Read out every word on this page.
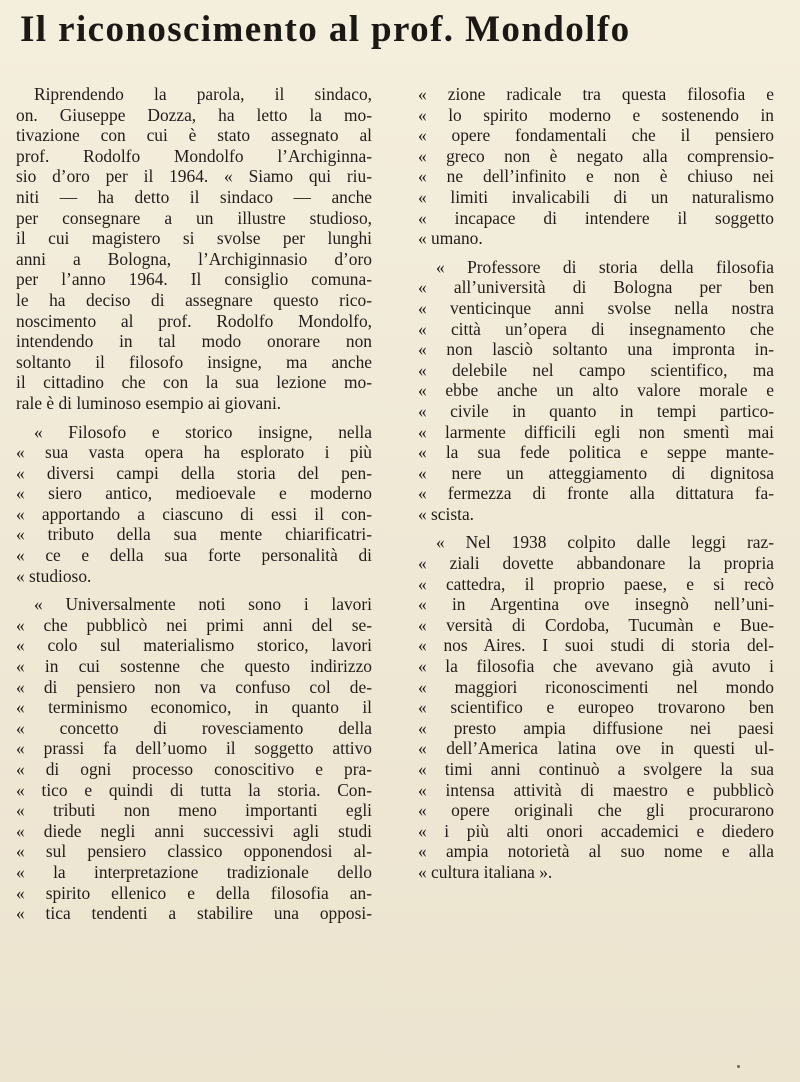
Il riconoscimento al prof. Mondolfo
Riprendendo la parola, il sindaco,
on. Giuseppe Dozza, ha letto la mo-
tivazione con cui è stato assegnato al
prof. Rodolfo Mondolfo l’Archiginna-
sio d’oro per il 1964. « Siamo qui riu-
niti — ha detto il sindaco — anche
per consegnare a un illustre studioso,
il cui magistero si svolse per lunghi
anni a Bologna, l’Archiginnasio d’oro
per l’anno 1964. Il consiglio comuna-
le ha deciso di assegnare questo rico-
noscimento al prof. Rodolfo Mondolfo,
intendendo in tal modo onorare non
soltanto il filosofo insigne, ma anche
il cittadino che con la sua lezione mo-
rale è di luminoso esempio ai giovani.
« Filosofo e storico insigne, nella
« sua vasta opera ha esplorato i più
« diversi campi della storia del pen-
« siero antico, medioevale e moderno
« apportando a ciascuno di essi il con-
« tributo della sua mente chiarificatri-
« ce e della sua forte personalità di
« studioso.
« Universalmente noti sono i lavori
« che pubblicò nei primi anni del se-
« colo sul materialismo storico, lavori
« in cui sostenne che questo indirizzo
« di pensiero non va confuso col de-
« terminismo economico, in quanto il
« concetto di rovesciamento della
« prassi fa dell’uomo il soggetto attivo
« di ogni processo conoscitivo e pra-
« tico e quindi di tutta la storia. Con-
« tributi non meno importanti egli
« diede negli anni successivi agli studi
« sul pensiero classico opponendosi al-
« la interpretazione tradizionale dello
« spirito ellenico e della filosofia an-
« tica tendenti a stabilire una opposi-
« zione radicale tra questa filosofia e
« lo spirito moderno e sostenendo in
« opere fondamentali che il pensiero
« greco non è negato alla comprensio-
« ne dell’infinito e non è chiuso nei
« limiti invalicabili di un naturalismo
« incapace di intendere il soggetto
« umano.
« Professore di storia della filosofia
« all’università di Bologna per ben
« venticinque anni svolse nella nostra
« città un’opera di insegnamento che
« non lasciò soltanto una impronta in-
« delebile nel campo scientifico, ma
« ebbe anche un alto valore morale e
« civile in quanto in tempi partico-
« larmente difficili egli non smentì mai
« la sua fede politica e seppe mante-
« nere un atteggiamento di dignitosa
« fermezza di fronte alla dittatura fa-
« scista.
« Nel 1938 colpito dalle leggi raz-
« ziali dovette abbandonare la propria
« cattedra, il proprio paese, e si recò
« in Argentina ove insegnò nell’uni-
« versità di Cordoba, Tucumàn e Bue-
« nos Aires. I suoi studi di storia del-
« la filosofia che avevano già avuto i
« maggiori riconoscimenti nel mondo
« scientifico e europeo trovarono ben
« presto ampia diffusione nei paesi
« dell’America latina ove in questi ul-
« timi anni continuò a svolgere la sua
« intensa attività di maestro e pubblicò
« opere originali che gli procurarono
« i più alti onori accademici e diedero
« ampia notorietà al suo nome e alla
« cultura italiana ».
